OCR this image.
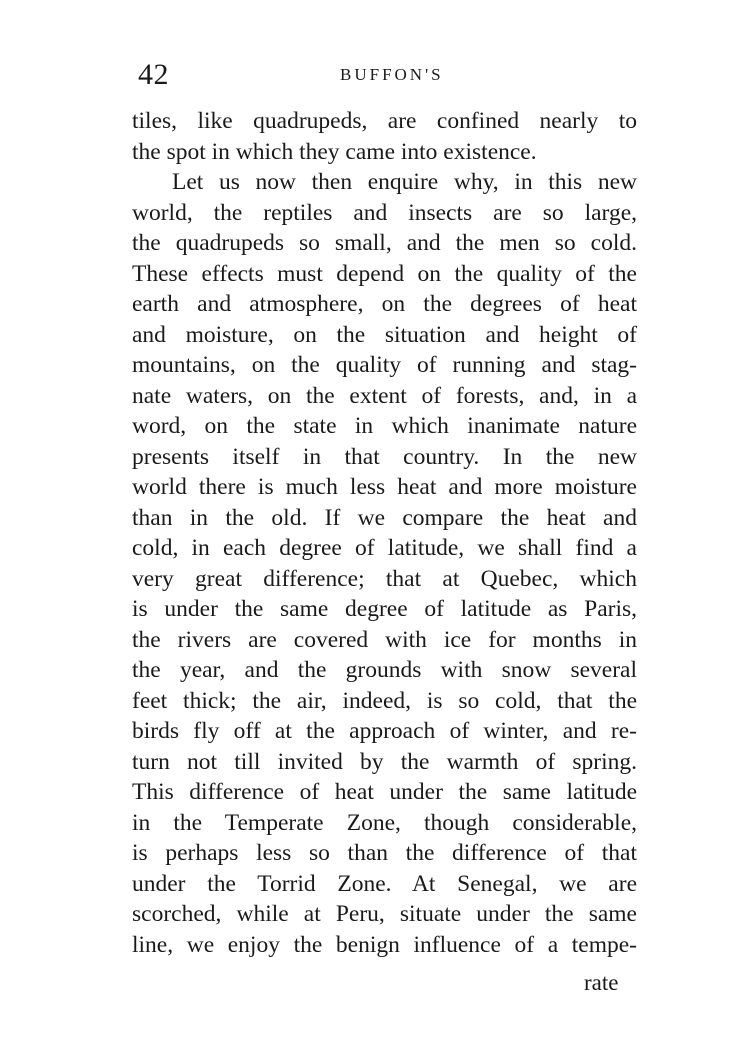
42	BUFFON'S
tiles, like quadrupeds, are confined nearly to
the spot in which they came into existence.
Let us now then enquire why, in this new
world, the reptiles and insects are so large,
the quadrupeds so small, and the men so cold.
These effects must depend on the quality of the
earth and atmosphere, on the degrees of heat
and moisture, on the situation and height of
mountains, on the quality of running and stag-
nate waters, on the extent of forests, and, in a
word, on the state in which inanimate nature
presents itself in that country. In the new
world there is much less heat and more moisture
than in the old. If we compare the heat and
cold, in each degree of latitude, we shall find a
very great difference; that at Quebec, which
is under the same degree of latitude as Paris,
the rivers are covered with ice for months in
the year, and the grounds with snow several
feet thick; the air, indeed, is so cold, that the
birds fly off at the approach of winter, and re-
turn not till invited by the warmth of spring.
This difference of heat under the same latitude
in the Temperate Zone, though considerable,
is perhaps less so than the difference of that
under the Torrid Zone. At Senegal, we are
scorched, while at Peru, situate under the same
line, we enjoy the benign influence of a tempe-
rate
